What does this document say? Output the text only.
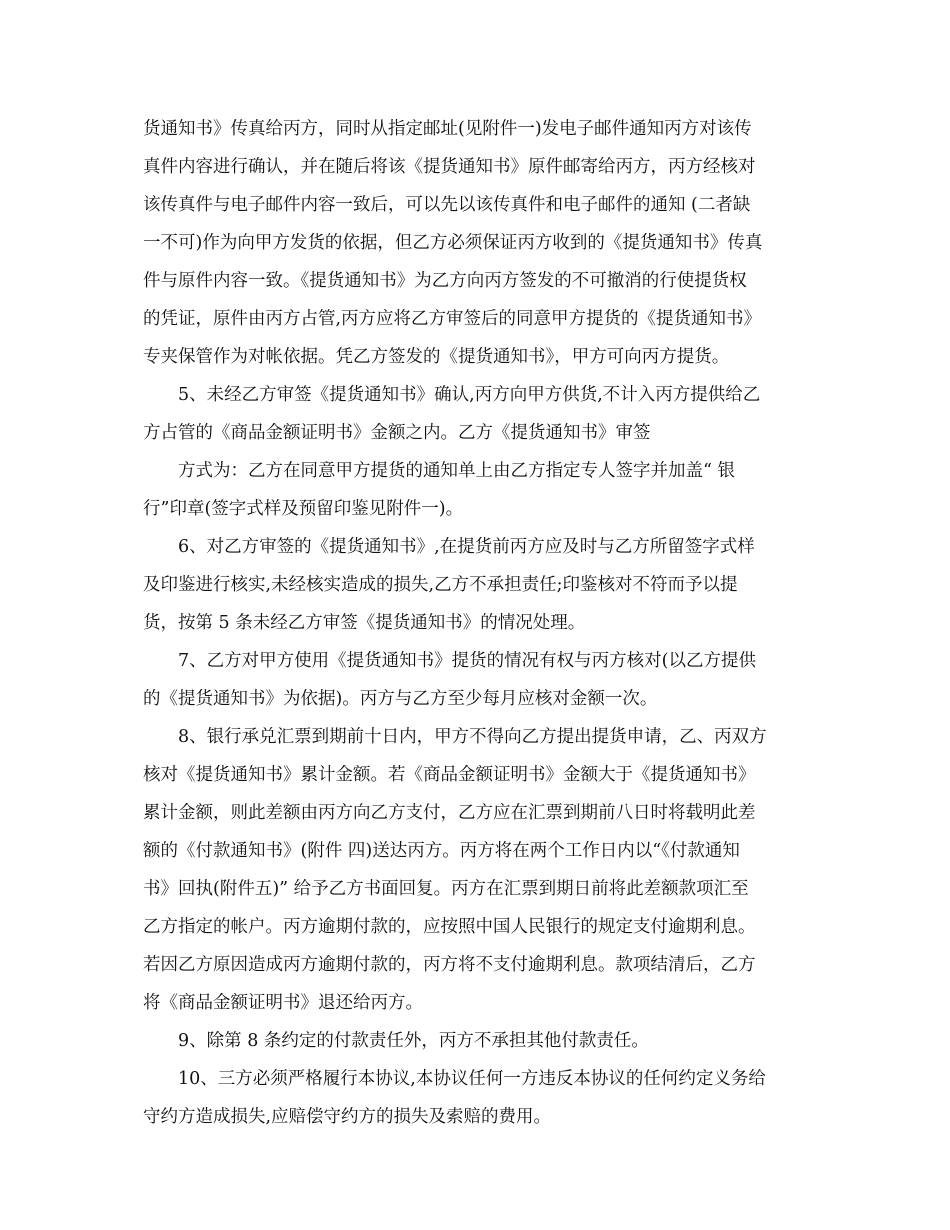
货通知书》传真给丙方，同时从指定邮址(见附件一)发电子邮件通知丙方对该传
真件内容进行确认，并在随后将该《提货通知书》原件邮寄给丙方，丙方经核对
该传真件与电子邮件内容一致后，可以先以该传真件和电子邮件的通知 (二者缺
一不可)作为向甲方发货的依据，但乙方必须保证丙方收到的《提货通知书》传真
件与原件内容一致。《提货通知书》为乙方向丙方签发的不可撤消的行使提货权
的凭证，原件由丙方占管,丙方应将乙方审签后的同意甲方提货的《提货通知书》
专夹保管作为对帐依据。凭乙方签发的《提货通知书》，甲方可向丙方提货。
5、未经乙方审签《提货通知书》确认,丙方向甲方供货,不计入丙方提供给乙
方占管的《商品金额证明书》金额之内。乙方《提货通知书》审签
方式为：乙方在同意甲方提货的通知单上由乙方指定专人签字并加盖“ 银
行”印章(签字式样及预留印鉴见附件一)。
6、对乙方审签的《提货通知书》,在提货前丙方应及时与乙方所留签字式样
及印鉴进行核实,未经核实造成的损失,乙方不承担责任;印鉴核对不符而予以提
货，按第 5 条未经乙方审签《提货通知书》的情况处理。
7、乙方对甲方使用《提货通知书》提货的情况有权与丙方核对(以乙方提供
的《提货通知书》为依据)。丙方与乙方至少每月应核对金额一次。
8、银行承兑汇票到期前十日内，甲方不得向乙方提出提货申请，乙、丙双方
核对《提货通知书》累计金额。若《商品金额证明书》金额大于《提货通知书》
累计金额，则此差额由丙方向乙方支付，乙方应在汇票到期前八日时将载明此差
额的《付款通知书》(附件 四)送达丙方。丙方将在两个工作日内以“《付款通知
书》回执(附件五)” 给予乙方书面回复。丙方在汇票到期日前将此差额款项汇至
乙方指定的帐户。丙方逾期付款的，应按照中国人民银行的规定支付逾期利息。
若因乙方原因造成丙方逾期付款的，丙方将不支付逾期利息。款项结清后，乙方
将《商品金额证明书》退还给丙方。
9、除第 8 条约定的付款责任外，丙方不承担其他付款责任。
10、三方必须严格履行本协议,本协议任何一方违反本协议的任何约定义务给
守约方造成损失,应赔偿守约方的损失及索赔的费用。
